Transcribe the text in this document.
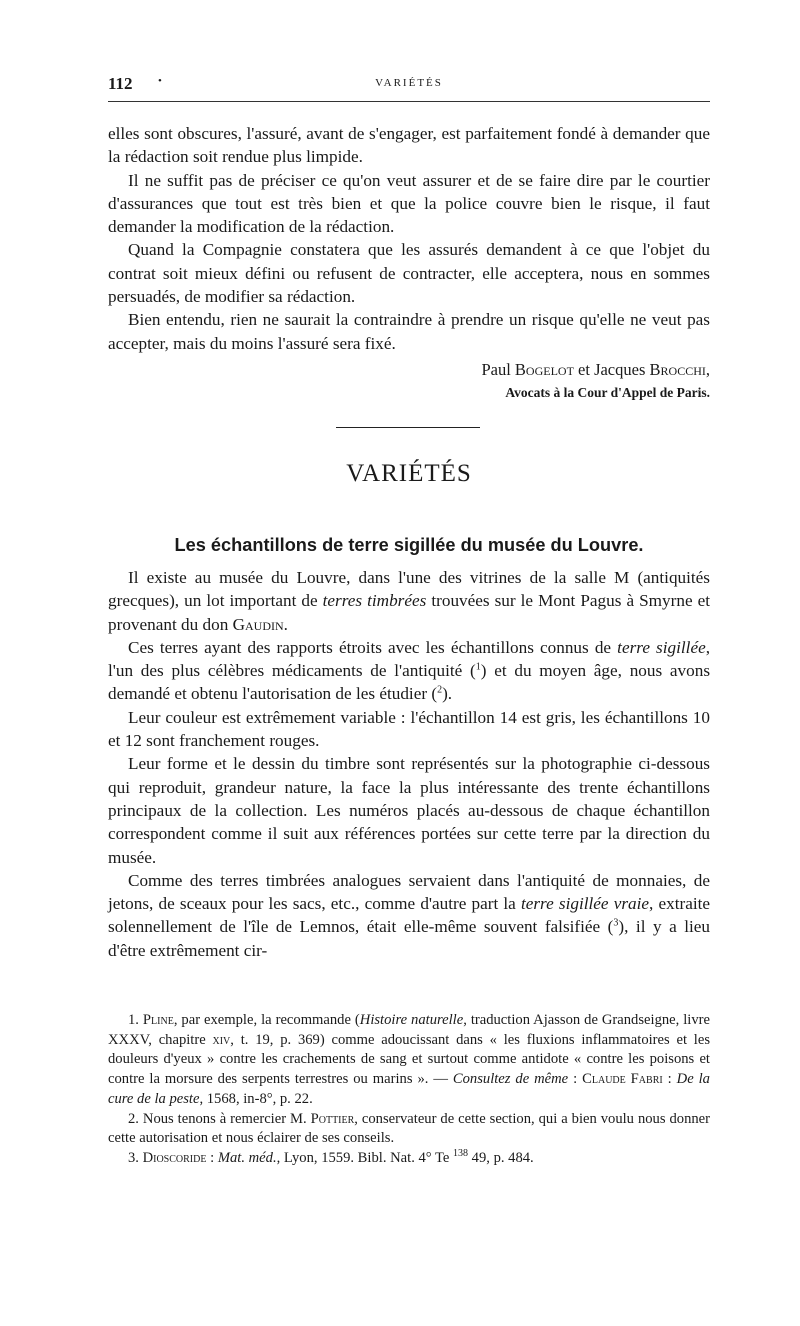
112 •	VARIÉTÉS

elles sont obscures, l'assuré, avant de s'engager, est parfaitement fondé à demander que la rédaction soit rendue plus limpide.

Il ne suffit pas de préciser ce qu'on veut assurer et de se faire dire par le courtier d'assurances que tout est très bien et que la police couvre bien le risque, il faut demander la modification de la rédaction.

Quand la Compagnie constatera que les assurés demandent à ce que l'objet du contrat soit mieux défini ou refusent de contracter, elle acceptera, nous en sommes persuadés, de modifier sa rédaction.

Bien entendu, rien ne saurait la contraindre à prendre un risque qu'elle ne veut pas accepter, mais du moins l'assuré sera fixé.

Paul Bogelot et Jacques Brocchi,
Avocats à la Cour d'Appel de Paris.
VARIÉTÉS
Les échantillons de terre sigillée du musée du Louvre.

Il existe au musée du Louvre, dans l'une des vitrines de la salle M (antiquités grecques), un lot important de terres timbrées trouvées sur le Mont Pagus à Smyrne et provenant du don Gaudin.

Ces terres ayant des rapports étroits avec les échantillons connus de terre sigillée, l'un des plus célèbres médicaments de l'antiquité ($^1$) et du moyen âge, nous avons demandé et obtenu l'autorisation de les étudier ($^2$).

Leur couleur est extrêmement variable : l'échantillon 14 est gris, les échantillons 10 et 12 sont franchement rouges.

Leur forme et le dessin du timbre sont représentés sur la photographie ci-dessous qui reproduit, grandeur nature, la face la plus intéressante des trente échantillons principaux de la collection. Les numéros placés au-dessous de chaque échantillon correspondent comme il suit aux références portées sur cette terre par la direction du musée.

Comme des terres timbrées analogues servaient dans l'antiquité de monnaies, de jetons, de sceaux pour les sacs, etc., comme d'autre part la terre sigillée vraie, extraite solennellement de l'île de Lemnos, était elle-même souvent falsifiée ($^3$), il y a lieu d'être extrêmement cir-

1. Pline, par exemple, la recommande (Histoire naturelle, traduction Ajasson de Grandseigne, livre XXXV, chapitre xiv, t. 19, p. 369) comme adoucissant dans « les fluxions inflammatoires et les douleurs d'yeux » contre les crachements de sang et surtout comme antidote « contre les poisons et contre la morsure des serpents terrestres ou marins ». — Consultez de même : Claude Fabri : De la cure de la peste, 1568, in-8°, p. 22.

2. Nous tenons à remercier M. Pottier, conservateur de cette section, qui a bien voulu nous donner cette autorisation et nous éclairer de ses conseils.

3. Dioscoride : Mat. méd., Lyon, 1559. Bibl. Nat. 4° Te $^{138}$ 49, p. 484.
